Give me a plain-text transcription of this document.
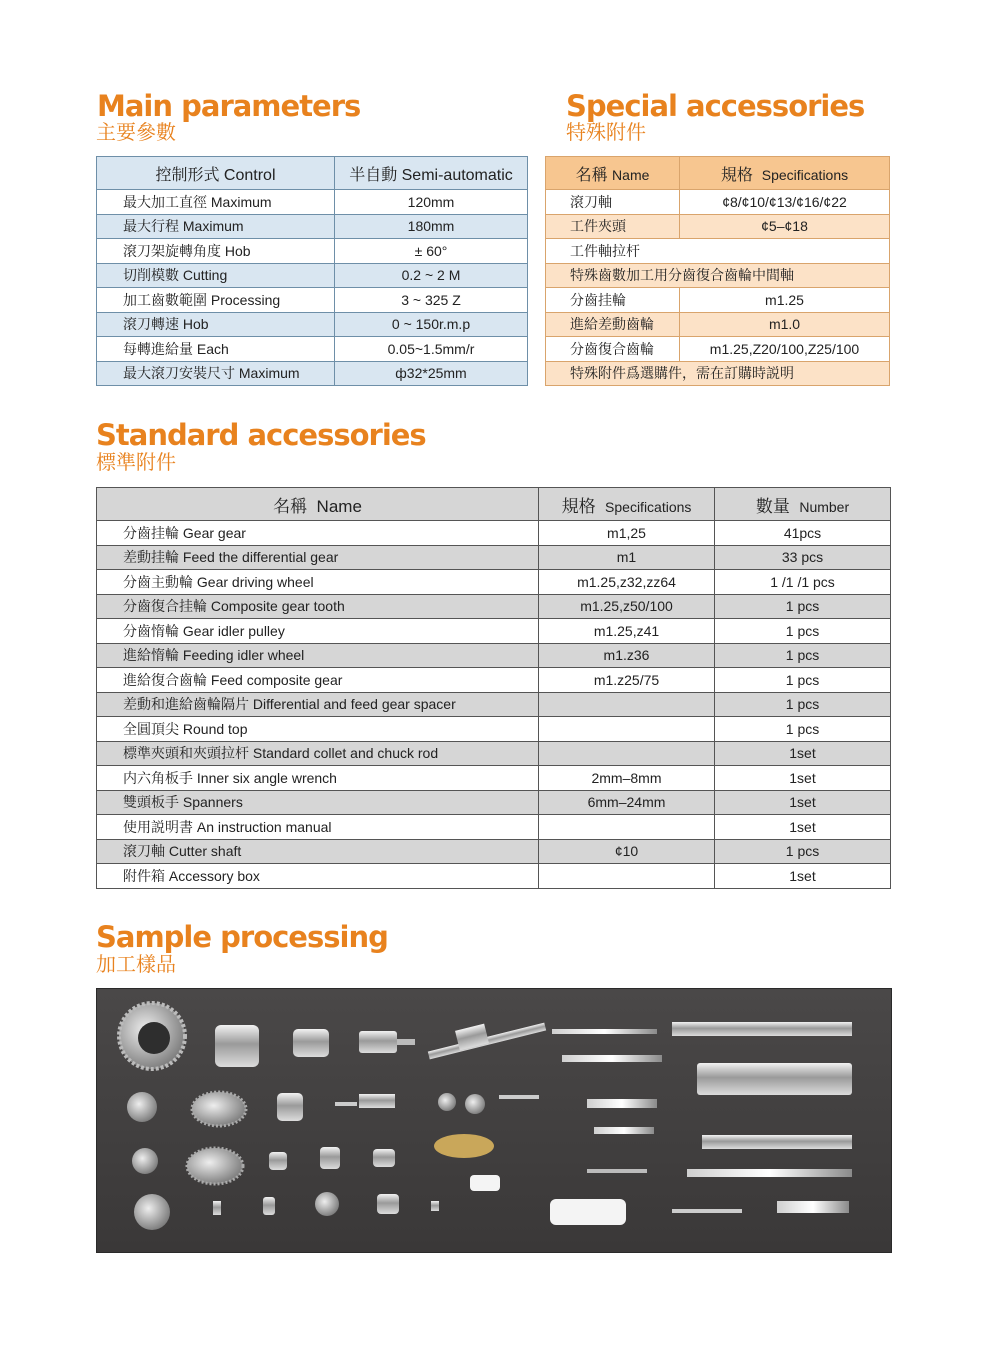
Main parameters
主要參數
控制形式 Control	半自動 Semi-automatic
最大加工直徑 Maximum	120mm
最大行程 Maximum	180mm
滾刀架旋轉角度 Hob	± 60°
切削模數 Cutting	0.2 ~ 2 M
加工齒數範圍 Processing	3 ~ 325 Z
滾刀轉速 Hob	0 ~ 150r.m.p
每轉進給量 Each	0.05~1.5mm/r
最大滾刀安裝尺寸 Maximum	ф32*25mm
Special accessories
特殊附件
名稱 Name	規格 Specifications
滾刀軸	¢8/¢10/¢13/¢16/¢22
工件夾頭	¢5–¢18
工件軸拉杆	
特殊齒數加工用分齒復合齒輪中間軸	
分齒挂輪	m1.25
進給差動齒輪	m1.0
分齒復合齒輪	m1.25,Z20/100,Z25/100
特殊附件爲選購件，需在訂購時説明	
Standard accessories
標準附件
名稱 Name	規格 Specifications	數量 Number
分齒挂輪 Gear gear	m1,25	41pcs
差動挂輪 Feed the differential gear	m1	33 pcs
分齒主動輪 Gear driving wheel	m1.25,z32,zz64	1 /1 /1 pcs
分齒復合挂輪 Composite gear tooth	m1.25,z50/100	1 pcs
分齒惰輪 Gear idler pulley	m1.25,z41	1 pcs
進給惰輪 Feeding idler wheel	m1.z36	1 pcs
進給復合齒輪 Feed composite gear	m1.z25/75	1 pcs
差動和進給齒輪隔片 Differential and feed gear spacer		1 pcs
全圓頂尖 Round top		1 pcs
標準夾頭和夾頭拉杆 Standard collet and chuck rod		1set
内六角板手 Inner six angle wrench	2mm–8mm	1set
雙頭板手 Spanners	6mm–24mm	1set
使用説明書 An instruction manual		1set
滾刀軸 Cutter shaft	¢10	1 pcs
附件箱 Accessory box		1set
Sample processing
加工樣品
